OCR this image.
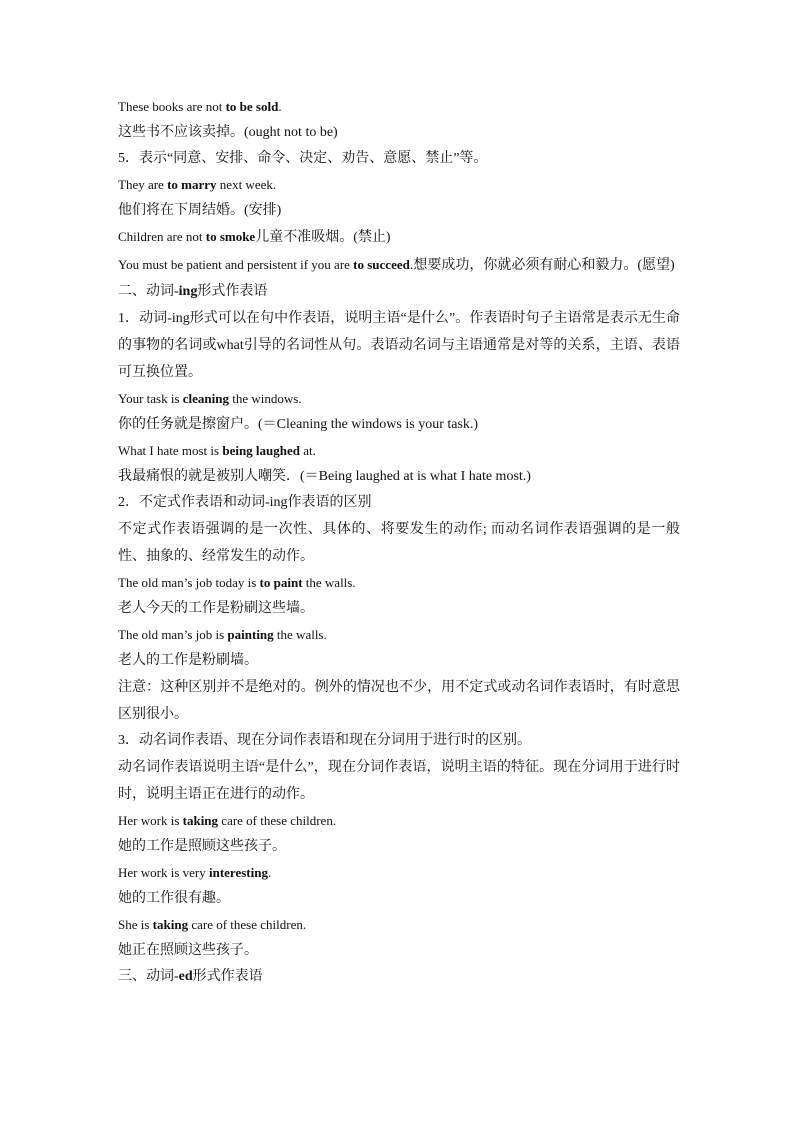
These books are not to be sold.

这些书不应该卖掉。(ought not to be)

5．表示“同意、安排、命令、决定、劝告、意愿、禁止”等。

They are to marry next week.

他们将在下周结婚。(安排)

Children are not to smoke儿童不准吸烟。(禁止)

You must be patient and persistent if you are to succeed.想要成功，你就必须有耐心和毅力。(愿望)

二、动词-ing形式作表语

1．动词-ing形式可以在句中作表语，说明主语“是什么”。作表语时句子主语常是表示无生命的事物的名词或what引导的名词性从句。表语动名词与主语通常是对等的关系，主语、表语可互换位置。

Your task is cleaning the windows.

你的任务就是擦窗户。(＝Cleaning the windows is your task.)

What I hate most is being laughed at.

我最痛恨的就是被别人嘲笑．(＝Being laughed at is what I hate most.)

2．不定式作表语和动词-ing作表语的区别

不定式作表语强调的是一次性、具体的、将要发生的动作; 而动名词作表语强调的是一般性、抽象的、经常发生的动作。

The old man’s job today is to paint the walls.

老人今天的工作是粉刷这些墙。

The old man’s job is painting the walls.

老人的工作是粉刷墙。

注意：这种区别并不是绝对的。例外的情况也不少，用不定式或动名词作表语时，有时意思区别很小。

3．动名词作表语、现在分词作表语和现在分词用于进行时的区别。

动名词作表语说明主语“是什么”，现在分词作表语，说明主语的特征。现在分词用于进行时时，说明主语正在进行的动作。

Her work is taking care of these children.

她的工作是照顾这些孩子。

Her work is very interesting.

她的工作很有趣。

She is taking care of these children.

她正在照顾这些孩子。

三、动词-ed形式作表语
